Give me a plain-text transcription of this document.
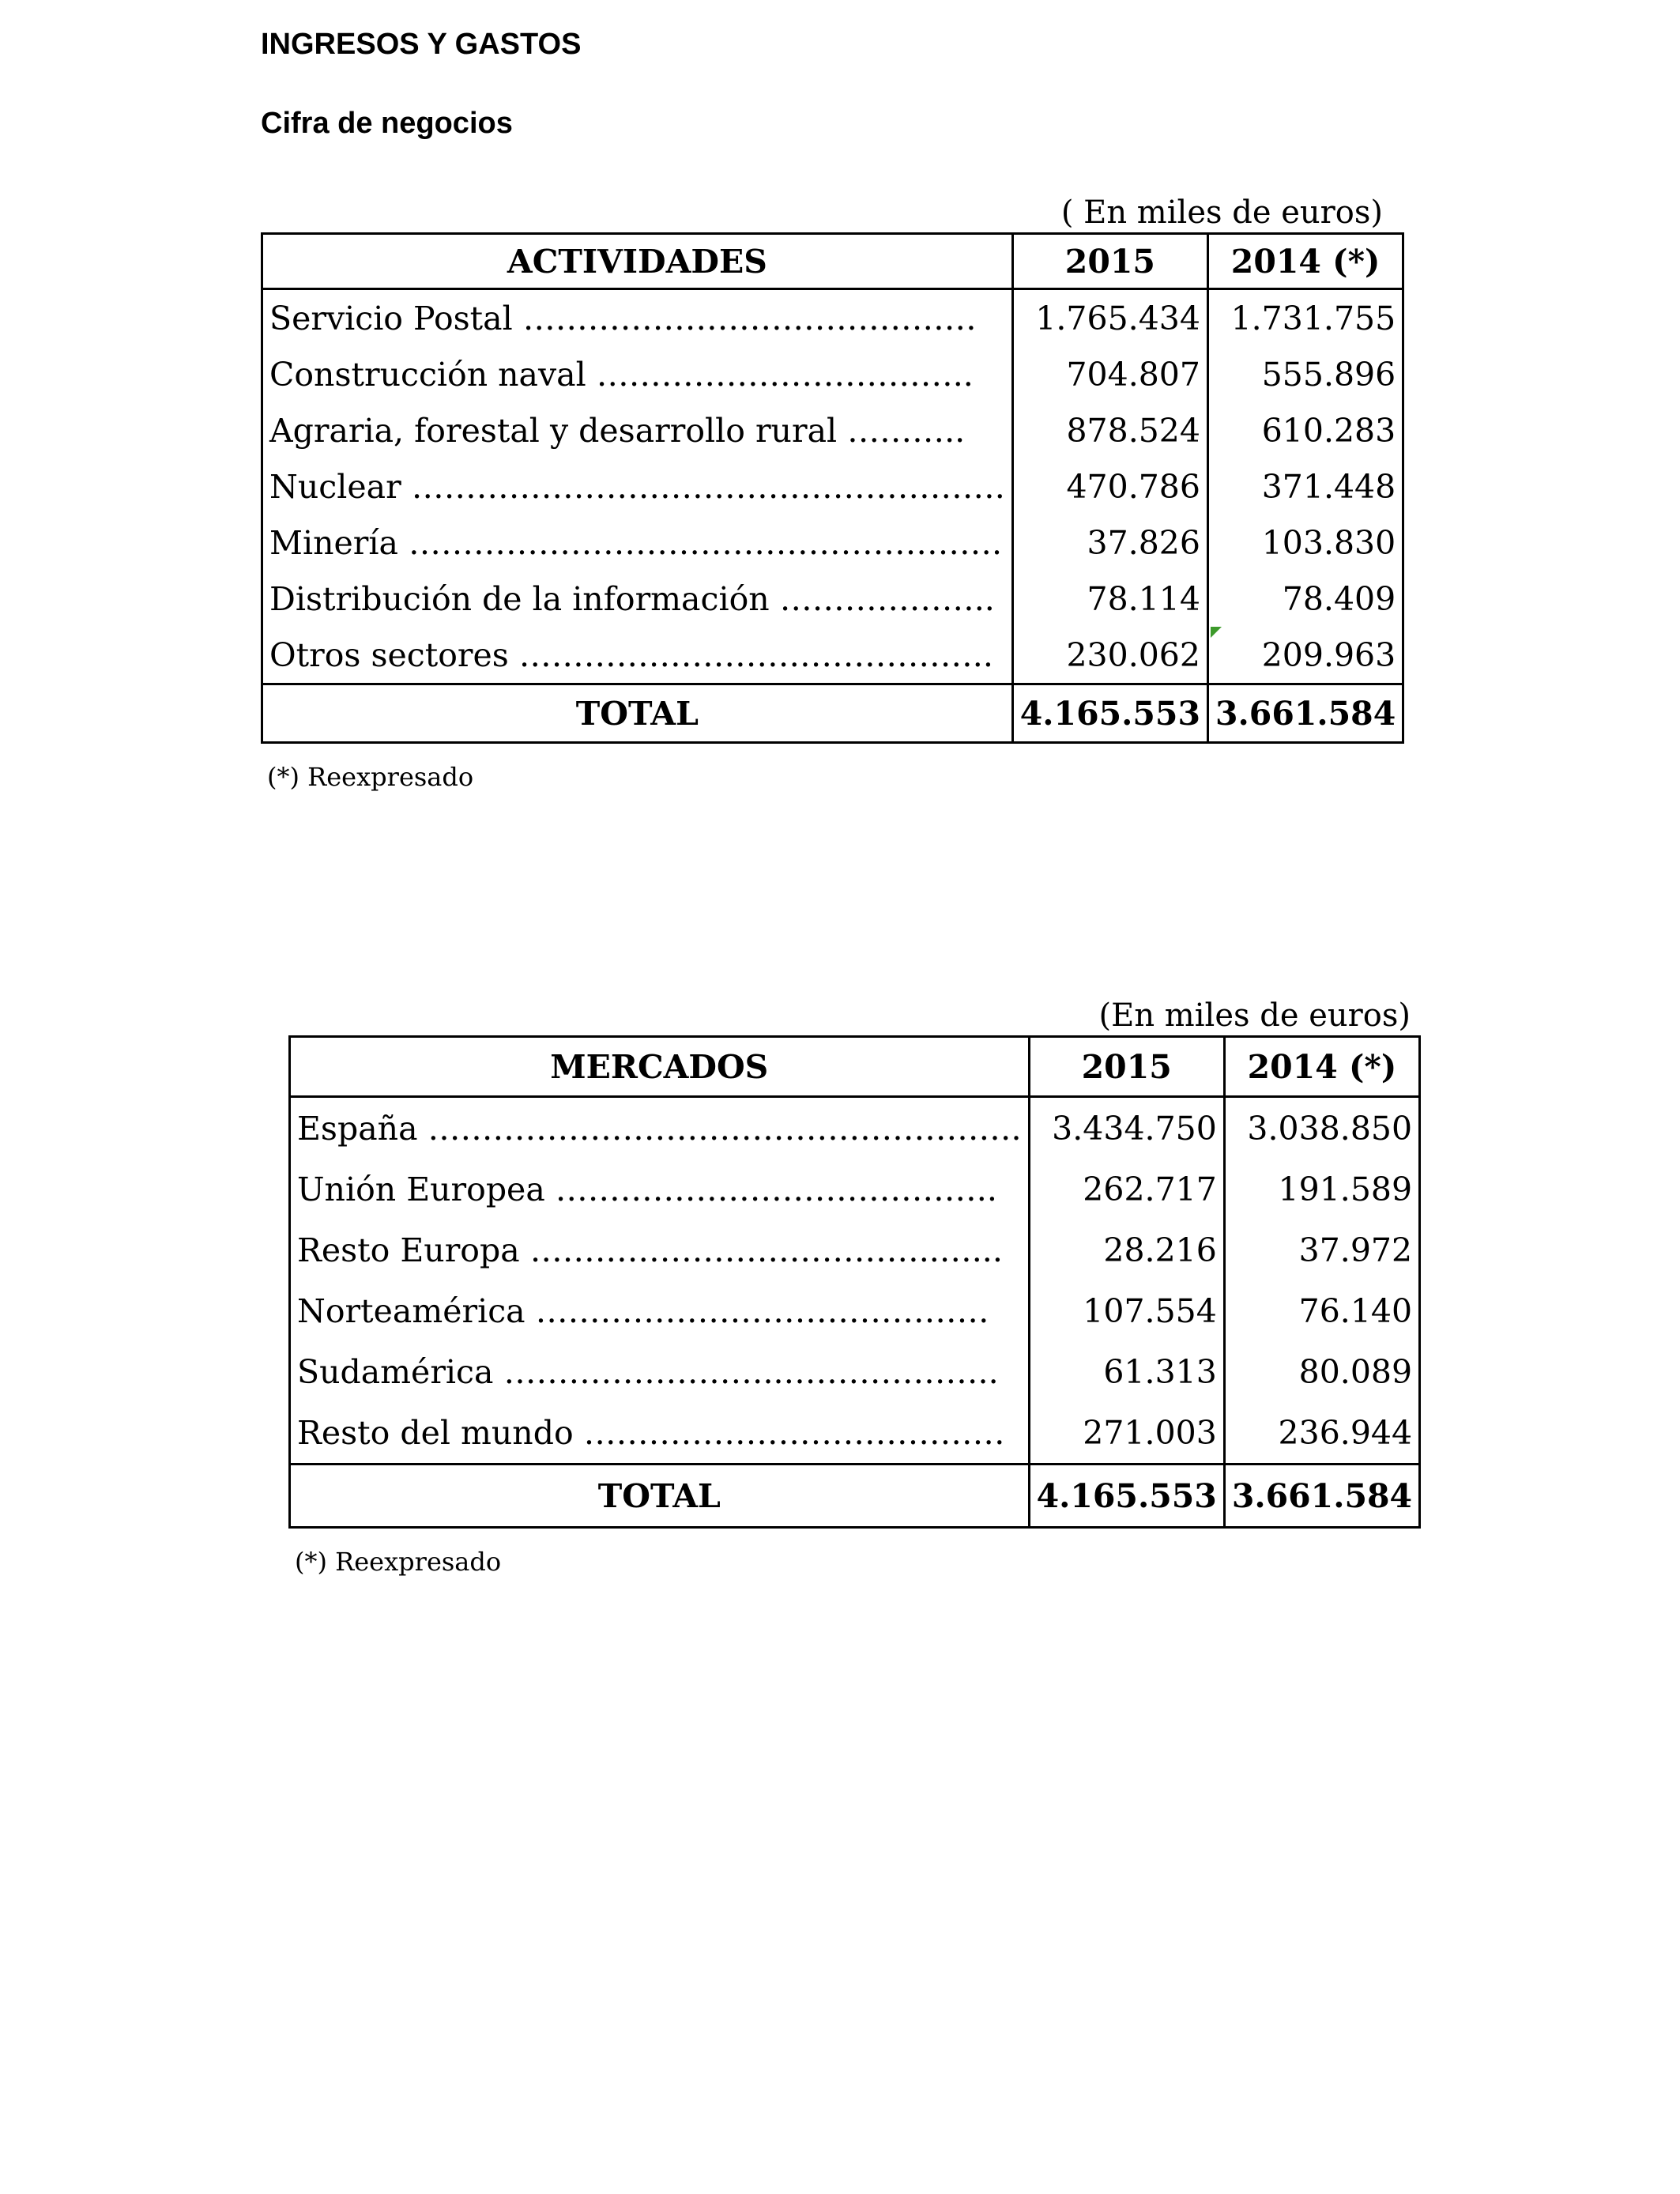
INGRESOS Y GASTOS
Cifra de negocios
( En miles de euros)
ACTIVIDADES	2015	2014 (*)
Servicio Postal ……………………………………	1.765.434	1.731.755
Construcción naval ……………………………..	704.807	555.896
Agraria, forestal y desarrollo rural ………..	878.524	610.283
Nuclear ……………………………………………….	470.786	371.448
Minería ……………………………………………….	37.826	103.830
Distribución de la información ………………..	78.114	78.409
Otros sectores ……………………………………..	230.062	209.963
TOTAL	4.165.553	3.661.584
(*) Reexpresado
(En miles de euros)
MERCADOS	2015	2014 (*)
España ……………………………………………….	3.434.750	3.038.850
Unión Europea …………………………………..	262.717	191.589
Resto Europa ………………………………..…...	28.216	37.972
Norteamérica ……………………………………	107.554	76.140
Sudamérica ……………………..………………..	61.313	80.089
Resto del mundo …………………………………	271.003	236.944
TOTAL	4.165.553	3.661.584
(*) Reexpresado
